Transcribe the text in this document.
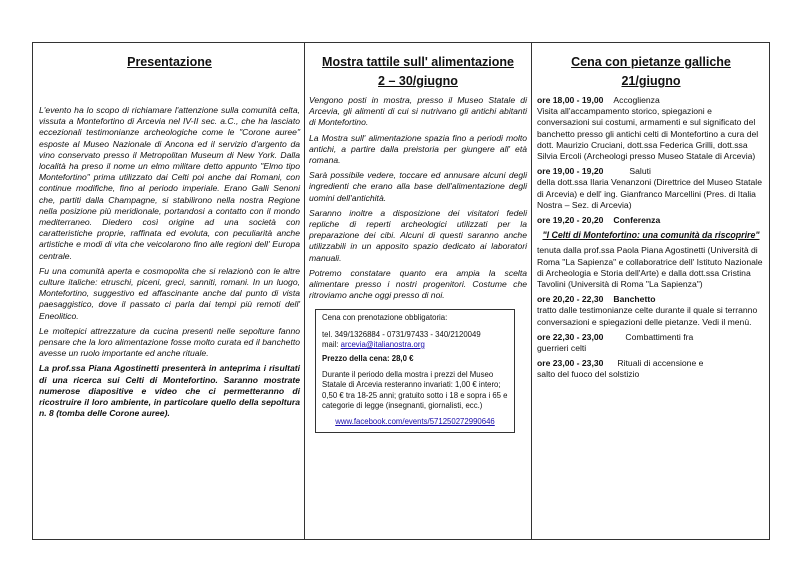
Presentazione

L'evento ha lo scopo di richiamare l'attenzione sulla comunità celta, vissuta a Montefortino di Arcevia nel IV-II sec. a.C., che ha lasciato eccezionali testimonianze archeologiche come le "Corone auree" esposte al Museo Nazionale di Ancona ed il servizio d'argento da vino conservato presso il Metropolitan Museum di New York. Dalla località ha preso il nome un elmo militare detto appunto "Elmo tipo Montefortino" prima utilizzato dai Celti poi anche dai Romani, con continue modifiche, fino al periodo imperiale. Erano Galli Senoni che, partiti dalla Champagne, si stabilirono nella nostra Regione nella posizione più meridionale, portandosi a contatto con il mondo mediterraneo. Diedero così origine ad una società con caratteristiche proprie, raffinata ed evoluta, con peculiarità anche artistiche e modi di vita che veicolarono fino alle regioni dell' Europa centrale.

Fu una comunità aperta e cosmopolita che si relazionò con le altre culture italiche: etruschi, piceni, greci, sanniti, romani. In un luogo, Montefortino, suggestivo ed affascinante anche dal punto di vista paesaggistico, dove il passato ci parla dai tempi più remoti dell' Eneolitico.

Le moltepici attrezzature da cucina presenti nelle sepolture fanno pensare che la loro alimentazione fosse molto curata ed il banchetto avesse un ruolo importante ed anche rituale.

La prof.ssa Piana Agostinetti presenterà in anteprima i risultati di una ricerca sui Celti di Montefortino. Saranno mostrate numerose diapositive e video che ci permetteranno di ricostruire il loro ambiente, in particolare quello della sepoltura n. 8 (tomba delle Corone auree).

Mostra tattile sull' alimentazione
2 – 30/giugno

Vengono posti in mostra, presso il Museo Statale di Arcevia, gli alimenti di cui si nutrivano gli antichi abitanti di Montefortino.

La Mostra sull' alimentazione spazia fino a periodi molto antichi, a partire dalla preistoria per giungere all' età romana.

Sarà possibile vedere, toccare ed annusare alcuni degli ingredienti che erano alla base dell'alimentazione degli uomini dell'antichità.

Saranno inoltre a disposizione dei visitatori fedeli repliche di reperti archeologici utilizzati per la preparazione dei cibi. Alcuni di questi saranno anche utilizzabili in un apposito spazio dedicato ai laboratori manuali.

Potremo constatare quanto era ampia la scelta alimentare presso i nostri progenitori. Costume che ritroviamo anche oggi presso di noi.

Cena con prenotazione obbligatoria:

tel. 349/1326884 - 0731/97433 - 340/2120049

mail: arcevia@italianostra.org

Prezzo della cena: 28,0 €

Durante il periodo della mostra i prezzi del Museo Statale di Arcevia resteranno invariati: 1,00 € intero; 0,50 € tra 18-25 anni; gratuito sotto i 18 e sopra i 65 e categorie di legge (insegnanti, giornalisti, ecc.)

www.facebook.com/events/571250272990646

Cena con pietanze galliche
21/giugno

ore 18,00 - 19,00 Accoglienza
Visita all'accampamento storico, spiegazioni e conversazioni sui costumi, armamenti e sul significato del banchetto presso gli antichi celti di Montefortino a cura del dott. Maurizio Cruciani, dott.ssa Federica Grilli, dott.ssa Silvia Ercoli (Archeologi presso Museo Statale di Arcevia)

ore 19,00 - 19,20	Saluti
della dott.ssa Ilaria Venanzoni (Direttrice del Museo Statale di Arcevia) e dell' ing. Gianfranco Marcellini (Pres. di Italia Nostra – Sez. di Arcevia)

ore 19,20 - 20,20 Conferenza

"I Celti di Montefortino: una comunità da riscoprire"

tenuta dalla prof.ssa Paola Piana Agostinetti (Università di Roma "La Sapienza" e collaboratrice dell' Istituto Nazionale di Archeologia e Storia dell'Arte) e dalla dott.ssa Cristina Tavolini (Università di Roma "La Sapienza")

ore 20,20 - 22,30 Banchetto
tratto dalle testimonianze celte durante il quale si terranno conversazioni e spiegazioni delle pietanze. Vedi il menù.

ore 22,30 - 23,00	Combattimenti fra
guerrieri celti

ore 23,00 - 23,30 Rituali di accensione e
salto del fuoco del solstizio
